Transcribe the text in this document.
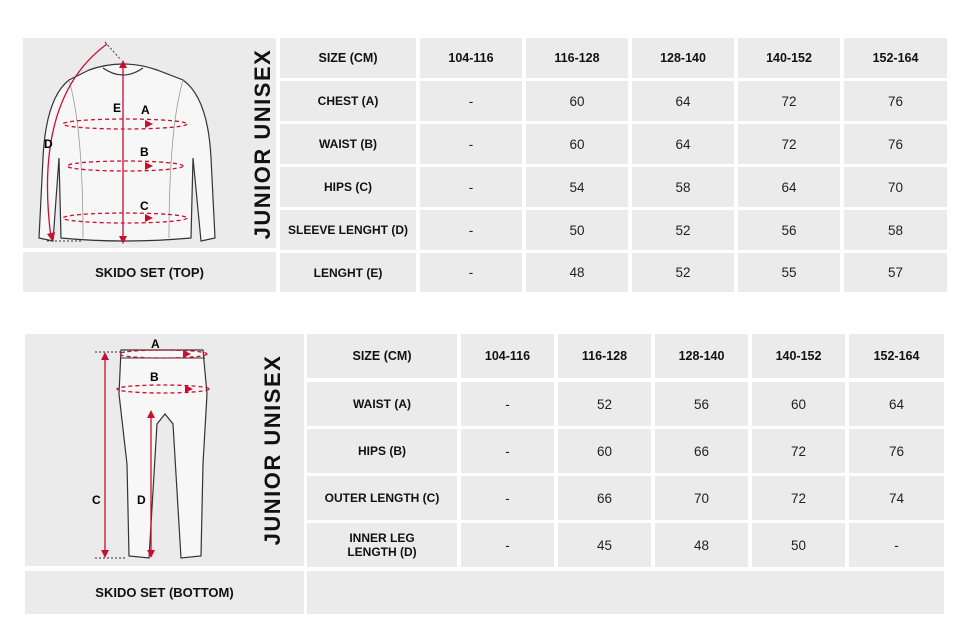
A
B
C
D
E	JUNIOR UNISEX
SKIDO SET (TOP)
SIZE (CM)	104-116	116-128	128-140	140-152	152-164
CHEST (A)	-	60	64	72	76
WAIST (B)	-	60	64	72	76
HIPS (C)	-	54	58	64	70
SLEEVE LENGHT (D)	-	50	52	56	58
LENGHT (E)	-	48	52	55	57
A
B
C	D	JUNIOR UNISEX
SKIDO SET (BOTTOM)
SIZE (CM)	104-116	116-128	128-140	140-152	152-164
WAIST (A)	-	52	56	60	64
HIPS (B)	-	60	66	72	76
OUTER LENGTH (C)	-	66	70	72	74
INNER LEG LENGTH (D)	-	45	48	50	-
